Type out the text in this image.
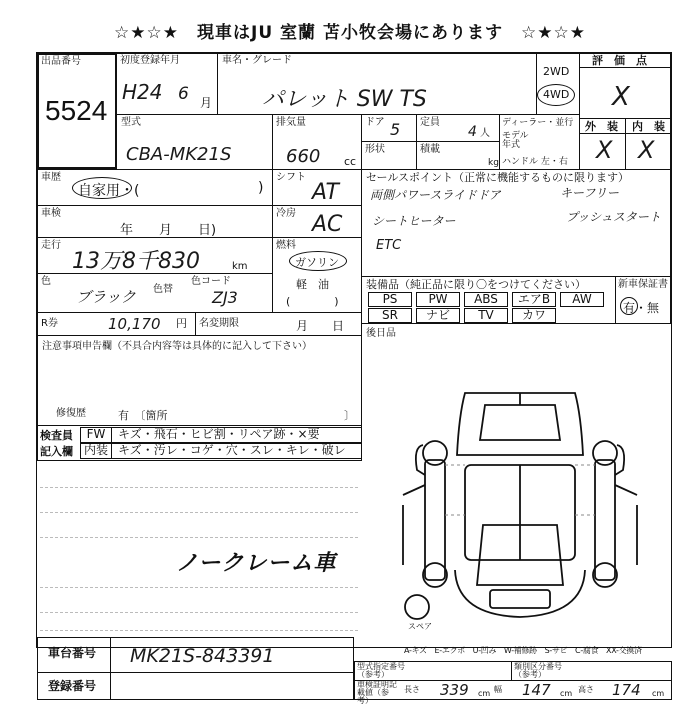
☆★☆★　現車はJU 室蘭 苫小牧会場にあります　☆★☆★
出品番号
5524
初度登録年月
H24 6 月
車名・グレード
パレット SW TS
2WD
4WD
評　価　点
X
型式
CBA-MK21S
排気量
660 cc
ドア 5 定員
4 人
ディーラー・並行
モデル年式
ハンドル 左・右
形状	積載
kg
外　装 内　装
X X
車歴
自家用・(	)
車検
年　　月　　日)
走行
13万8千830	km
色
ブラック 色替
色コード
ZJ3
R券	10,170 円 名変期限	月　　日
注意事項申告欄（不具合内容等は具体的に記入して下さい）
修復歴	有　〔箇所	〕
シフト
AT
冷房 AC
燃料
ガソリン
軽　油
(　　　　)
セールスポイント（正常に機能するものに限ります）
両側パワースライドドア	キーフリー
シートヒーター	プッシュスタート
ETC
装備品（純正品に限り〇をつけてください）
PS	PW	ABS	エアB	AW
SR	ナビ	TV	カワ
新車保証書
有・無
後日品
検査員
記入欄
FW
内装
キズ・飛石・ヒビ割・リペア跡・×要
キズ・汚レ・コゲ・穴・スレ・キレ・破レ
ノークレーム車
スペア
A-キズ　E-エクボ　U-凹み　W-補修跡　S-サビ　C-腐食　XX-交換済
車台番号 MK21S-843391
登録番号
型式指定番号（参考）
類別区分番号（参考）
車検証明記載値（参考）
長さ 339 cm 幅 147 cm 高さ 174 cm
